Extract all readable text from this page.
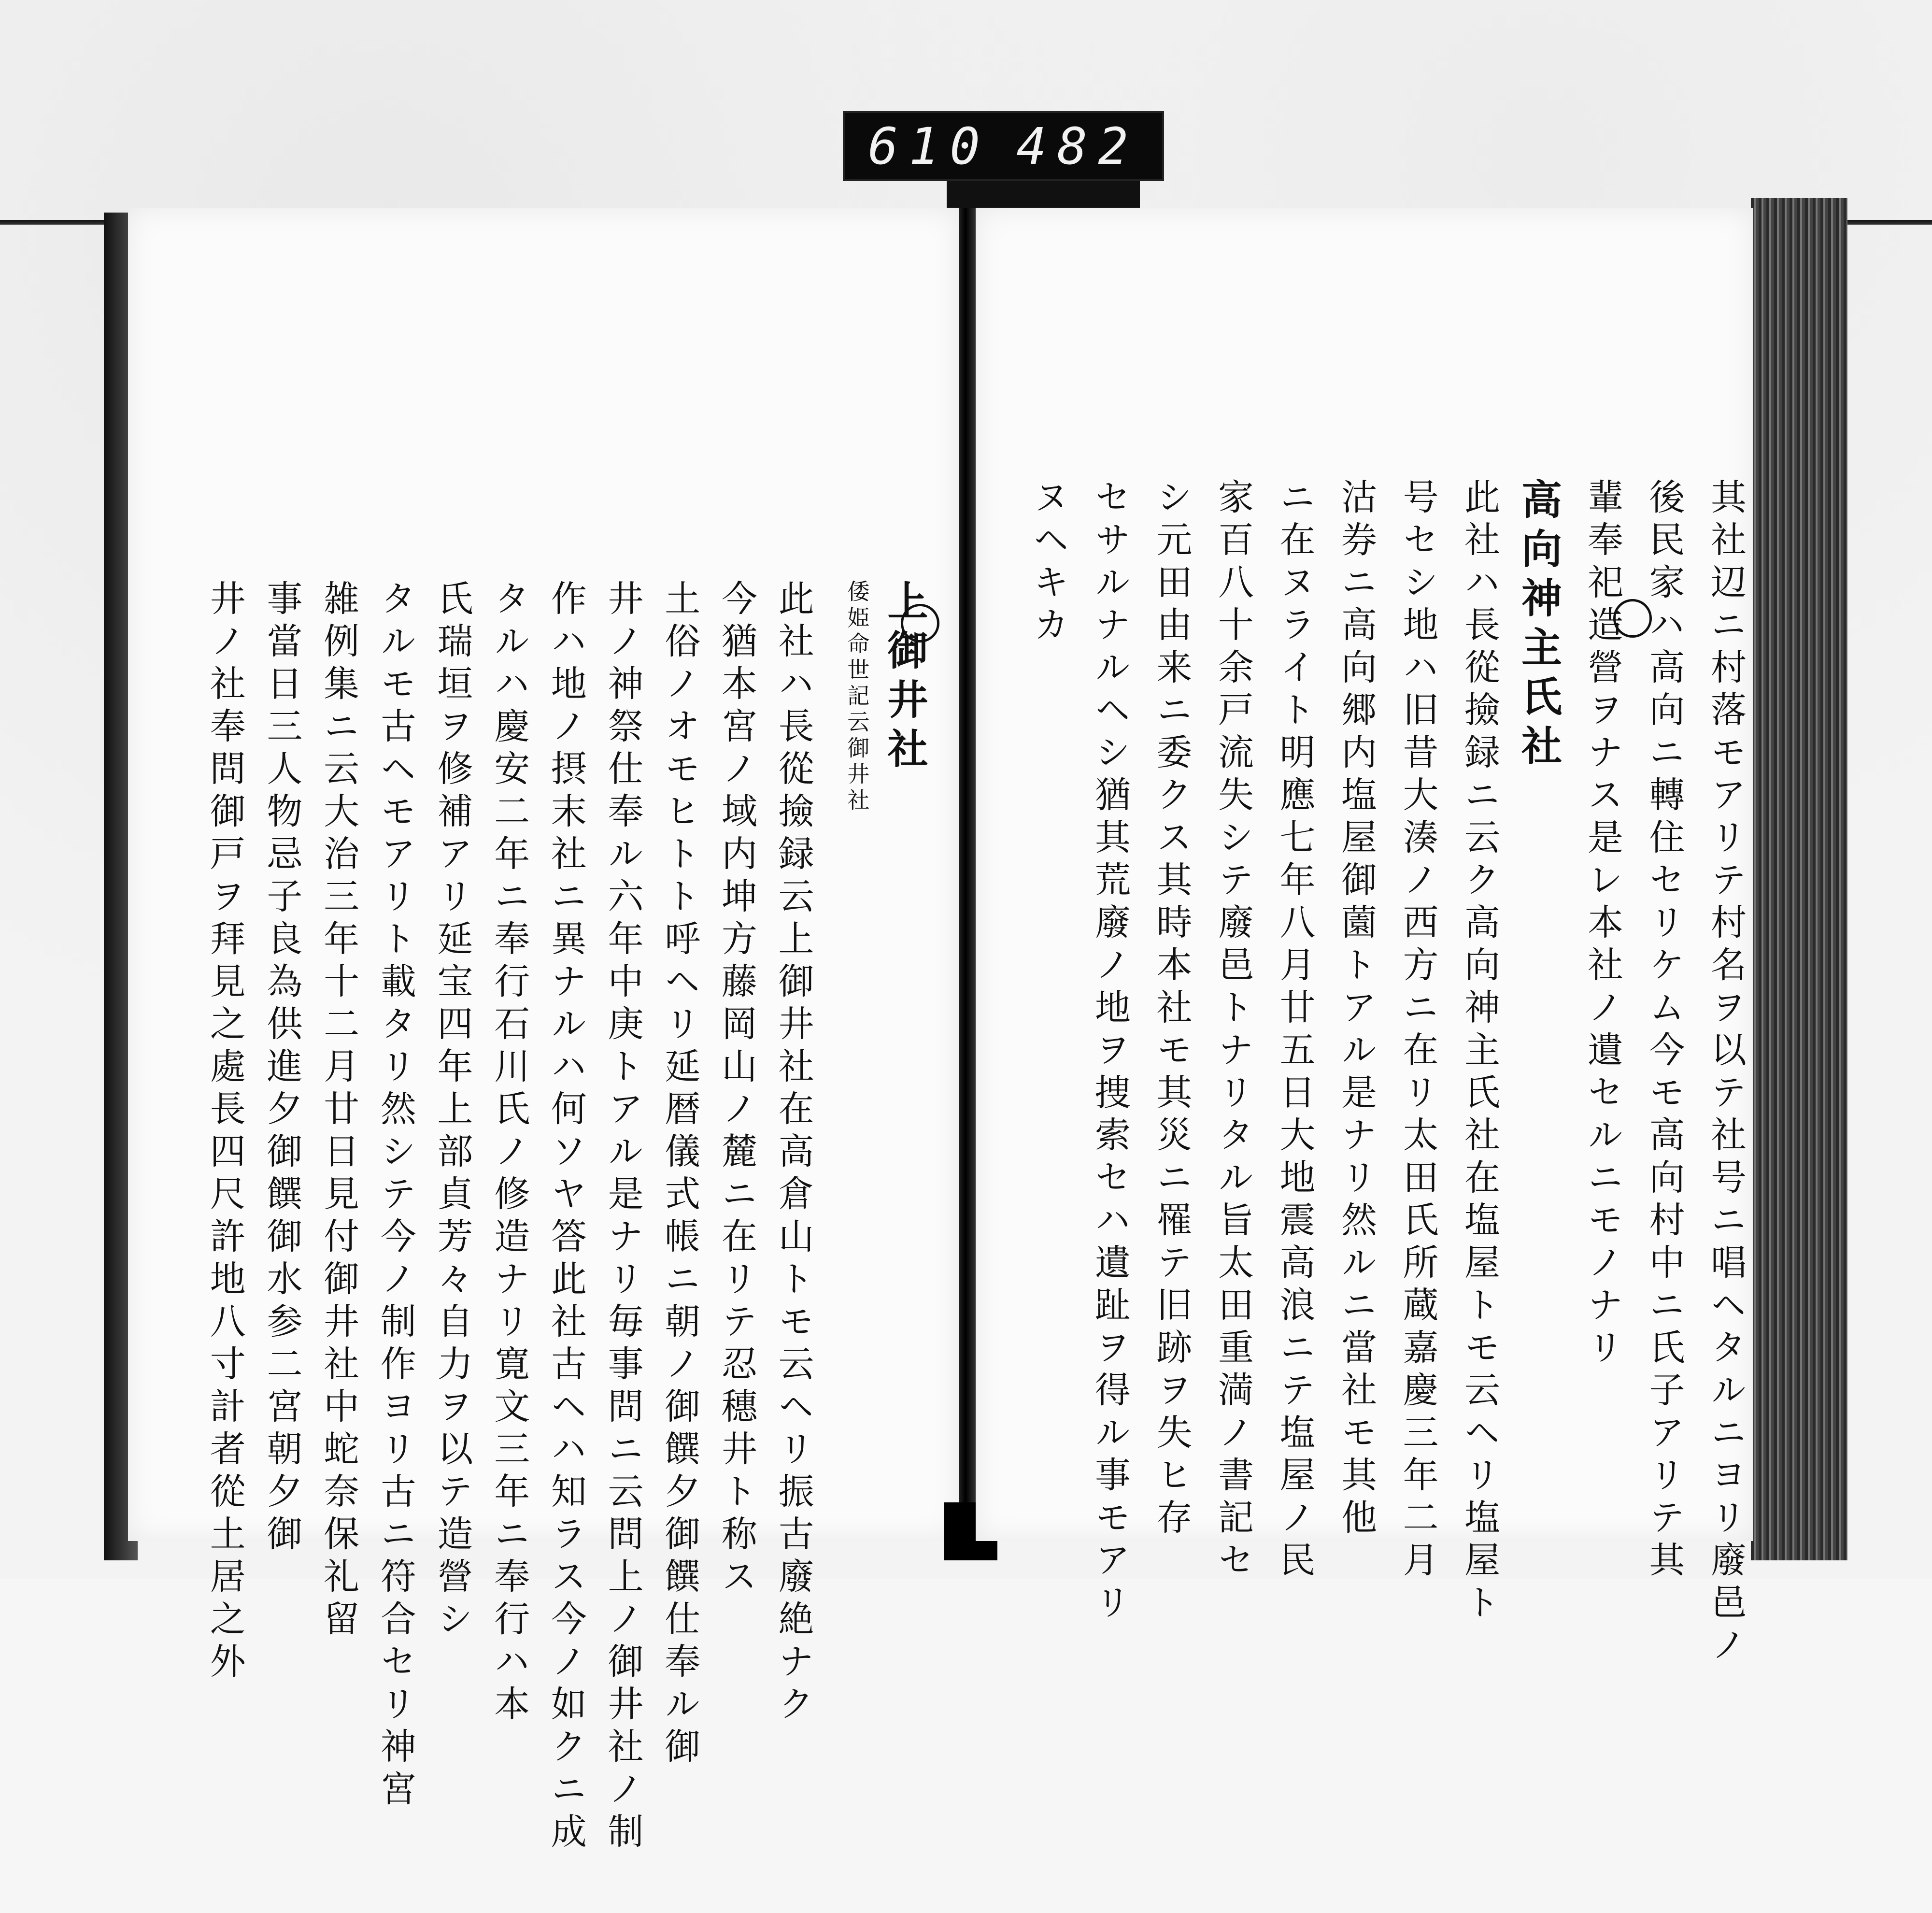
610 482
上御井社
倭姫命世記云御井社
此社ハ長從撿録云上御井社在高倉山トモ云ヘリ振古廢絶ナク
今猶本宮ノ域内坤方藤岡山ノ麓ニ在リテ忍穗井ト称ス
土俗ノオモヒトト呼ヘリ延暦儀式帳ニ朝ノ御饌夕御饌仕奉ル御
井ノ神祭仕奉ル六年中庚トアル是ナリ毎事問ニ云問上ノ御井社ノ制
作ハ地ノ摂末社ニ異ナルハ何ソヤ答此社古ヘハ知ラス今ノ如クニ成
タルハ慶安二年ニ奉行石川氏ノ修造ナリ寛文三年ニ奉行ハ本
氏瑞垣ヲ修補アリ延宝四年上部貞芳々自力ヲ以テ造營シ
タルモ古ヘモアリト載タリ然シテ今ノ制作ヨリ古ニ符合セリ神宮
雑例集ニ云大治三年十二月廿日見付御井社中蛇奈保礼留
事當日三人物忌子良為供進夕御饌御水参二宮朝夕御
井ノ社奉問御戸ヲ拜見之處長四尺許地八寸計者從土居之外	其社辺ニ村落モアリテ村名ヲ以テ社号ニ唱ヘタルニヨリ廢邑ノ
後民家ハ高向ニ轉住セリケム今モ高向村中ニ氏子アリテ其
輩奉祀造營ヲナス是レ本社ノ遺セルニモノナリ
高向神主氏社
此社ハ長從撿録ニ云ク高向神主氏社在塩屋トモ云ヘリ塩屋ト
号セシ地ハ旧昔大湊ノ西方ニ在リ太田氏所蔵嘉慶三年二月
沽券ニ高向郷内塩屋御薗トアル是ナリ然ルニ當社モ其他
ニ在ヌライト明應七年八月廿五日大地震高浪ニテ塩屋ノ民
家百八十余戸流失シテ廢邑トナリタル旨太田重満ノ書記セ
シ元田由来ニ委クス其時本社モ其災ニ罹テ旧跡ヲ失ヒ存
セサルナルヘシ猶其荒廢ノ地ヲ捜索セハ遺趾ヲ得ル事モアリ
ヌヘキカ
